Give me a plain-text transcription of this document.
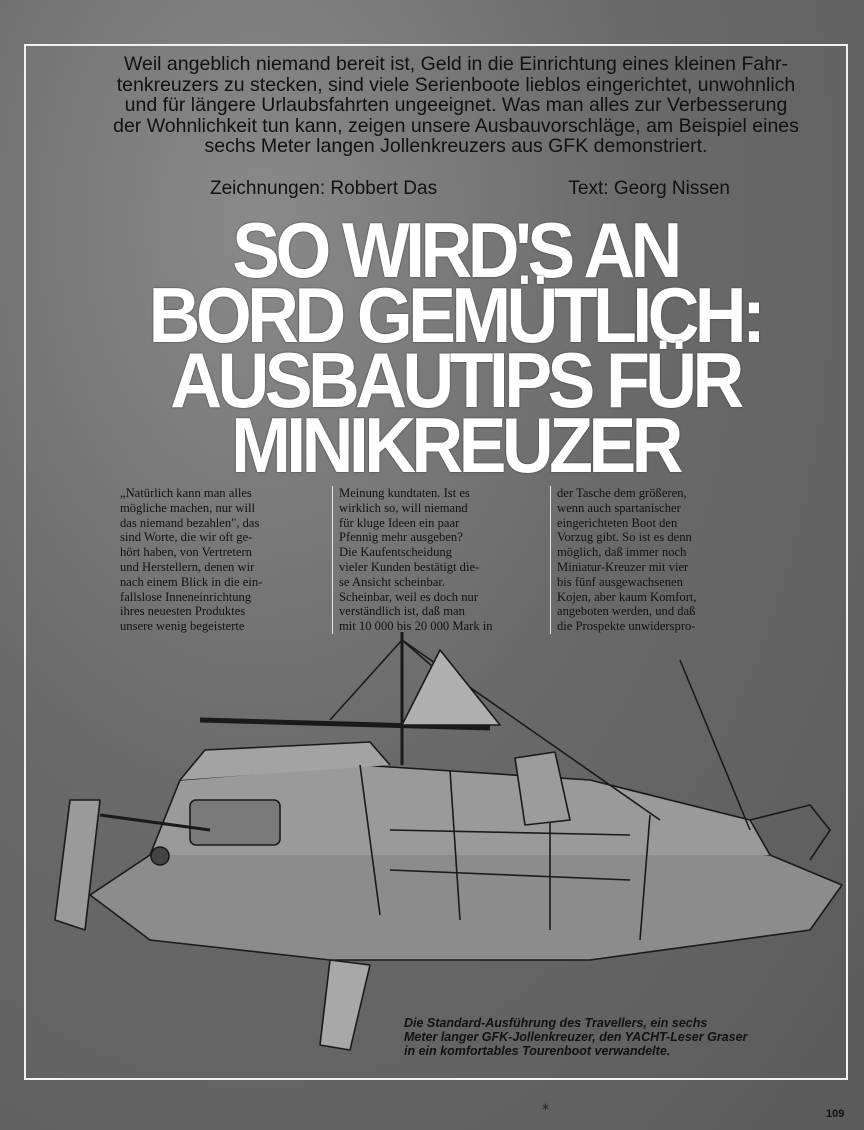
Weil angeblich niemand bereit ist, Geld in die Einrichtung eines kleinen Fahr-
tenkreuzers zu stecken, sind viele Serienboote lieblos eingerichtet, unwohnlich
und für längere Urlaubsfahrten ungeeignet. Was man alles zur Verbesserung
der Wohnlichkeit tun kann, zeigen unsere Ausbauvorschläge, am Beispiel eines
sechs Meter langen Jollenkreuzers aus GFK demonstriert.

Zeichnungen: Robbert Das	Text: Georg Nissen
SO WIRD'S AN
BORD GEMÜTLICH:
AUSBAUTIPS FÜR
MINIKREUZER
„Natürlich kann man alles
mögliche machen, nur will
das niemand bezahlen", das
sind Worte, die wir oft ge-
hört haben, von Vertretern
und Herstellern, denen wir
nach einem Blick in die ein-
fallslose Inneneinrichtung
ihres neuesten Produktes
unsere wenig begeisterte
Meinung kundtaten. Ist es
wirklich so, will niemand
für kluge Ideen ein paar
Pfennig mehr ausgeben?
Die Kaufentscheidung
vieler Kunden bestätigt die-
se Ansicht scheinbar.
Scheinbar, weil es doch nur
verständlich ist, daß man
mit 10 000 bis 20 000 Mark in
der Tasche dem größeren,
wenn auch spartanischer
eingerichteten Boot den
Vorzug gibt. So ist es denn
möglich, daß immer noch
Miniatur-Kreuzer mit vier
bis fünf ausgewachsenen
Kojen, aber kaum Komfort,
angeboten werden, und daß
die Prospekte unwiderspro-

Die Standard-Ausführung des Travellers, ein sechs
Meter langer GFK-Jollenkreuzer, den YACHT-Leser Graser
in ein komfortables Tourenboot verwandelte.

*	109
